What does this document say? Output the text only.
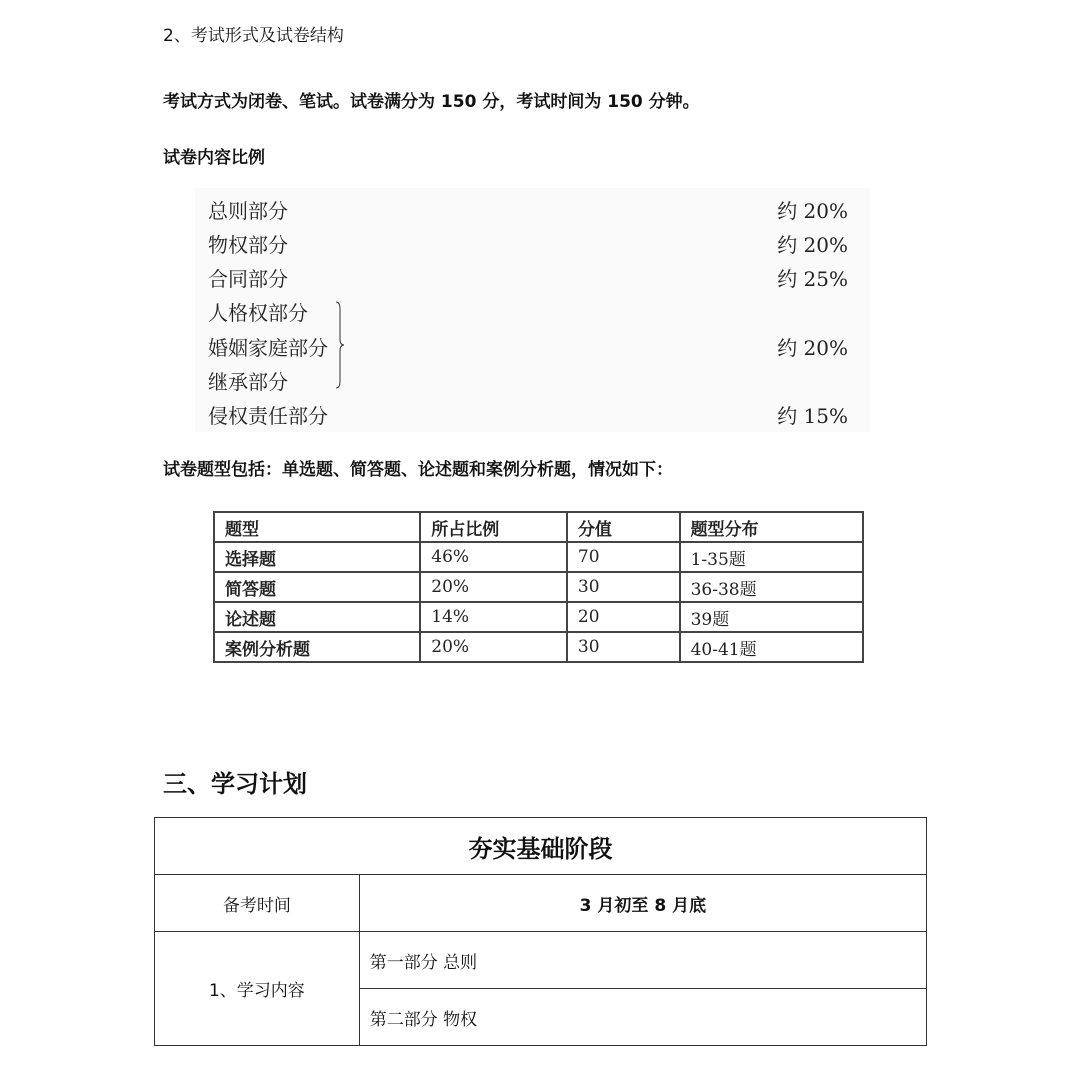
2、考试形式及试卷结构
考试方式为闭卷、笔试。试卷满分为 150 分，考试时间为 150 分钟。
试卷内容比例
总则部分	约 20%
物权部分	约 20%
合同部分	约 25%
人格权部分
婚姻家庭部分	约 20%
继承部分
侵权责任部分	约 15%
试卷题型包括：单选题、简答题、论述题和案例分析题，情况如下：
题型	所占比例	分值	题型分布
选择题	46%	70	1-35题
简答题	20%	30	36-38题
论述题	14%	20	39题
案例分析题	20%	30	40-41题
三、学习计划
夯实基础阶段	
备考时间	3 月初至 8 月底
1、学习内容	第一部分 总则
	第二部分 物权
